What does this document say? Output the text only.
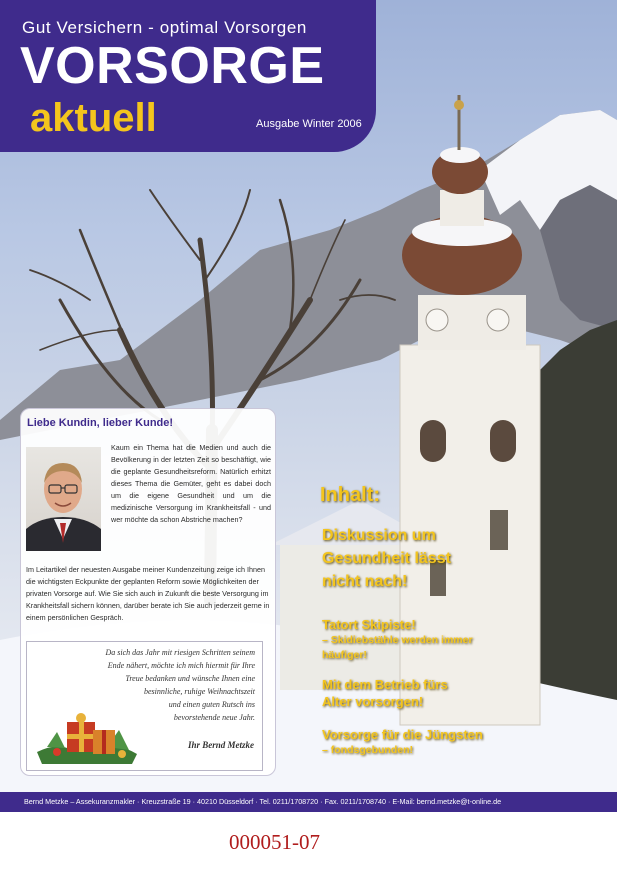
Gut Versichern - optimal Vorsorgen
VORSORGE
aktuell	Ausgabe Winter 2006
Liebe Kundin, lieber Kunde!
Kaum ein Thema hat die Medien und auch die Bevölkerung in der letzten Zeit so beschäftigt, wie die geplante Gesundheitsreform. Natürlich erhitzt dieses Thema die Gemüter, geht es dabei doch um die eigene Gesundheit und um die medizinische Versorgung im Krankheitsfall - und wer möchte da schon Abstriche machen?
Im Leitartikel der neuesten Ausgabe meiner Kundenzeitung zeige ich Ihnen die wichtigsten Eckpunkte der geplanten Reform sowie Möglichkeiten der privaten Vorsorge auf. Wie Sie sich auch in Zukunft die beste Versorgung im Krankheitsfall sichern können, darüber berate ich Sie auch jederzeit gerne in einem persönlichen Gespräch.
Da sich das Jahr mit riesigen Schritten seinem
Ende nähert, möchte ich mich hiermit für Ihre
Treue bedanken und wünsche Ihnen eine
besinnliche, ruhige Weihnachtszeit
und einen guten Rutsch ins
bevorstehende neue Jahr.
Ihr Bernd Metzke
Inhalt:
Diskussion um
Gesundheit lässt
nicht nach!
Tatort Skipiste!
– Skidiebstähle werden immer
häufiger!
Mit dem Betrieb fürs
Alter vorsorgen!
Vorsorge für die Jüngsten
– fondsgebunden!
Bernd Metzke – Assekuranzmakler · Kreuzstraße 19 · 40210 Düsseldorf · Tel. 0211/1708720 · Fax. 0211/1708740 · E-Mail: bernd.metzke@t-online.de
000051-07
